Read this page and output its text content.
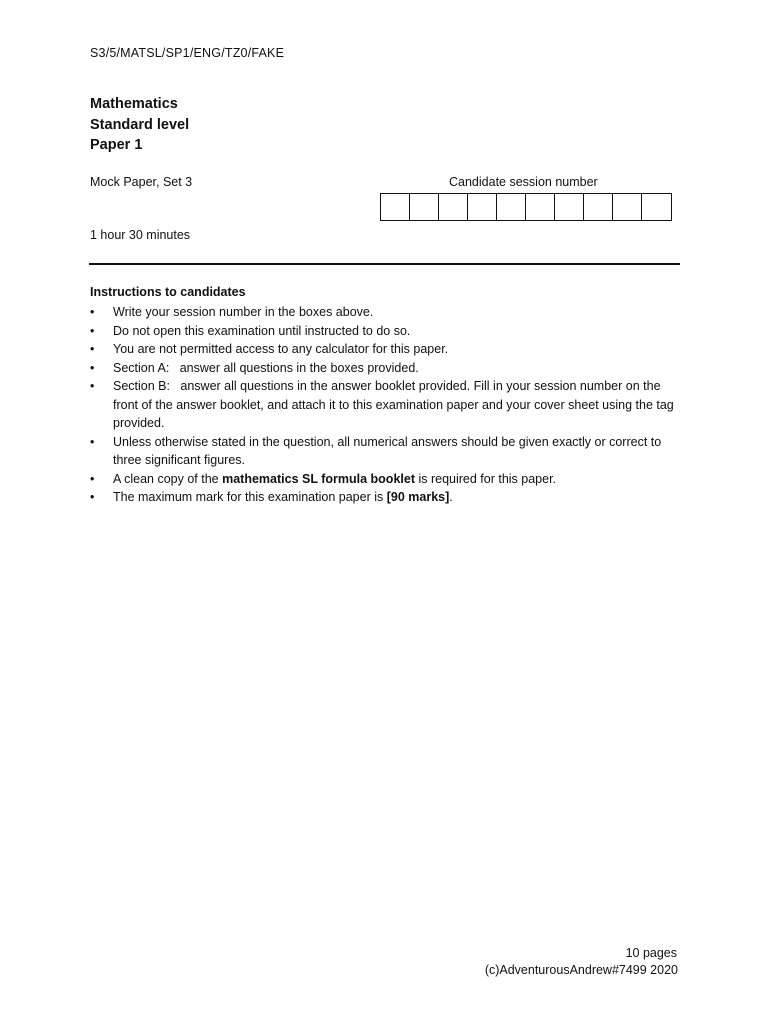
S3/5/MATSL/SP1/ENG/TZ0/FAKE
Mathematics
Standard level
Paper 1
Mock Paper, Set 3
1 hour 30 minutes
Candidate session number
Instructions to candidates
• Write your session number in the boxes above.
• Do not open this examination until instructed to do so.
• You are not permitted access to any calculator for this paper.
• Section A:   answer all questions in the boxes provided.
• Section B:   answer all questions in the answer booklet provided. Fill in your session number on the front of the answer booklet, and attach it to this examination paper and your cover sheet using the tag provided.
• Unless otherwise stated in the question, all numerical answers should be given exactly or correct to three significant figures.
• A clean copy of the mathematics SL formula booklet is required for this paper.
• The maximum mark for this examination paper is [90 marks].
10 pages
(c)AdventurousAndrew#7499 2020
